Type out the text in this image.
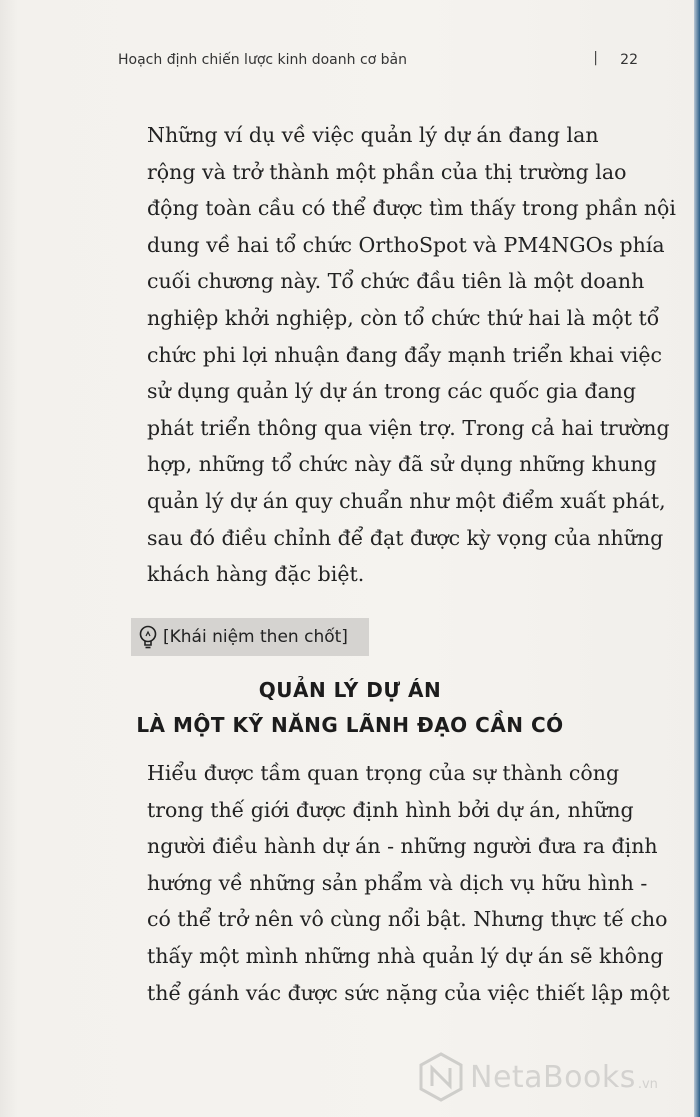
Hoạch định chiến lược kinh doanh cơ bản	| 22
Những ví dụ về việc quản lý dự án đang lan
rộng và trở thành một phần của thị trường lao
động toàn cầu có thể được tìm thấy trong phần nội
dung về hai tổ chức OrthoSpot và PM4NGOs phía
cuối chương này. Tổ chức đầu tiên là một doanh
nghiệp khởi nghiệp, còn tổ chức thứ hai là một tổ
chức phi lợi nhuận đang đẩy mạnh triển khai việc
sử dụng quản lý dự án trong các quốc gia đang
phát triển thông qua viện trợ. Trong cả hai trường
hợp, những tổ chức này đã sử dụng những khung
quản lý dự án quy chuẩn như một điểm xuất phát,
sau đó điều chỉnh để đạt được kỳ vọng của những
khách hàng đặc biệt.
[Khái niệm then chốt]
QUẢN LÝ DỰ ÁN
LÀ MỘT KỸ NĂNG LÃNH ĐẠO CẦN CÓ
Hiểu được tầm quan trọng của sự thành công
trong thế giới được định hình bởi dự án, những
người điều hành dự án - những người đưa ra định
hướng về những sản phẩm và dịch vụ hữu hình -
có thể trở nên vô cùng nổi bật. Nhưng thực tế cho
thấy một mình những nhà quản lý dự án sẽ không
thể gánh vác được sức nặng của việc thiết lập một
NetaBooks .vn
